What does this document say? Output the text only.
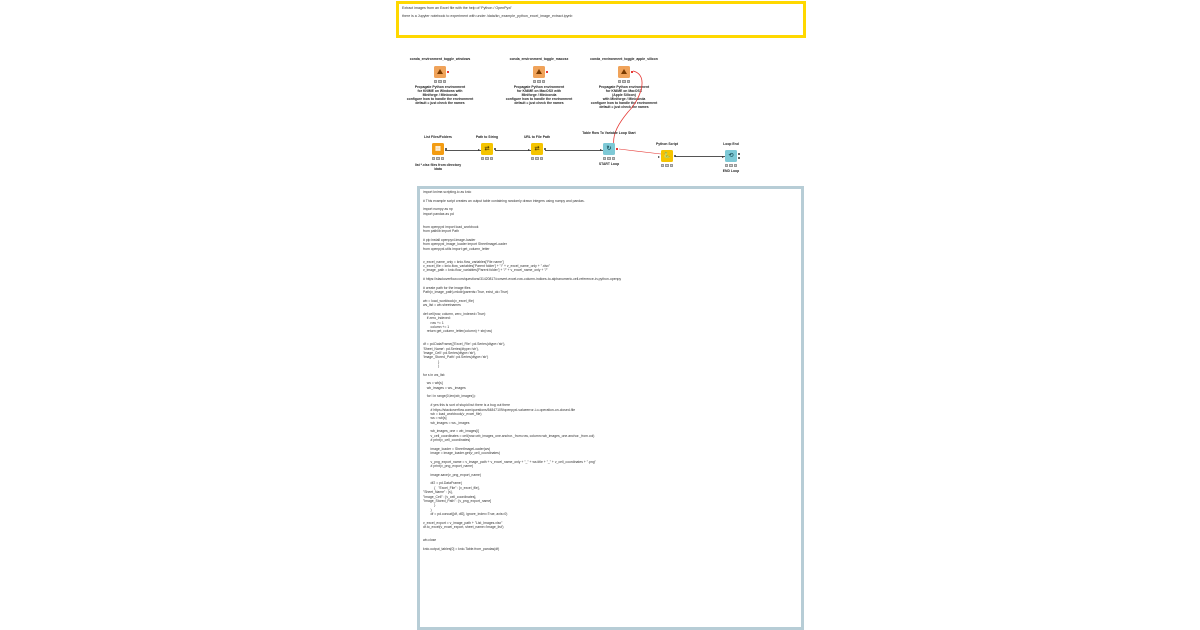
Extract images from an Excel file with the help of 'Python / OpenPyxl'
there is a Jupyter notebook to experiment with under /data/kn_example_python_excel_image_extract.ipynb
conda_environment_toggle_windows
Propagate Python environment
for KNIME on Windows with
Miniforge / Miniconda
configure how to handle the environment
default = just check the names
conda_environment_toggle_macosx
Propagate Python environment
for KNIME on MacOSX with
Miniforge / Miniconda
configure how to handle the environment
default = just check the names
conda_environment_toggle_apple_silicon
Propagate Python environment
for KNIME on MacOSX
(Apple Silicon)
with Miniforge / Miniconda
configure how to handle the environment
default = just check the names
List Files/Folders
▤
list *.xlsx files from directory
/data
Path to String
⇄
URL to File Path
⇄
Table Row To Variable Loop Start
↻
START Loop
Python Script
🐍
Loop End
⟲
END Loop
import knime.scripting.io as knio
# This example script creates an output table containing randomly drawn integers using numpy and pandas.
import numpy as np
import pandas as pd
from openpyxl import load_workbook
from pathlib import Path
# pip install openpyxl-image-loader
from openpyxl_image_loader import SheetImageLoader
from openpyxl.utils import get_column_letter
v_excel_name_only = knio.flow_variables['File name']
v_excel_file = knio.flow_variables['Parent folder'] + "/" + v_excel_name_only + ".xlsx"
v_image_path = knio.flow_variables['Parent folder'] + "/" + v_excel_name_only + "/"
# https://stackoverflow.com/questions/31420817/convert-excel-row-column-indices-to-alphanumeric-cell-reference-in-python-openpy
# create path for the image files
Path(v_image_path).mkdir(parents=True, exist_ok=True)
wb = load_workbook(v_excel_file)
ws_list = wb.sheetnames
def cell(row, column, zero_indexed=True):
if zero_indexed:
row += 1
column += 1
return get_column_letter(column) + str(row)
df = pd.DataFrame({'Excel_File': pd.Series(dtype='str'),
'Sheet_Name': pd.Series(dtype='str'),
'Image_Cell': pd.Series(dtype='str'),
'Image_Stored_Path': pd.Series(dtype='str')
}
)
for s in ws_list:
ws = wb[s]
wb_images = ws._images
for i in range(0,len(wb_images)):
# yes this is sort of stupid but there is a bug out there
# https://stackoverflow.com/questions/54847109/openpyxl-valueerror-i-o-operation-on-closed-file
wb = load_workbook(v_excel_file)
ws = wb[s]
wb_images = ws._images
wb_images_one = wb_images[i]
v_cell_coordinates = cell(row=wb_images_one.anchor._from.row, column=wb_images_one.anchor._from.col)
# print(v_cell_coordinates)
image_loader = SheetImageLoader(ws)
image = image_loader.get(v_cell_coordinates)
v_png_export_name = v_image_path + v_excel_name_only + "_" + ws.title + "_" + v_cell_coordinates + ".png"
# print(v_png_export_name)
image.save(v_png_export_name)
df2 = pd.DataFrame(
{   "Excel_File" : [v_excel_file],
"Sheet_Name" : [s],
"Image_Cell" : [v_cell_coordinates],
"Image_Stored_Path" : [v_png_export_name]
}
)
df = pd.concat([df, df2], ignore_index=True, axis=0)
v_excel_export = v_image_path + "List_Images.xlsx"
df.to_excel(v_excel_export, sheet_name='image_list')
wb.close
knio.output_tables[0] = knio.Table.from_pandas(df)
